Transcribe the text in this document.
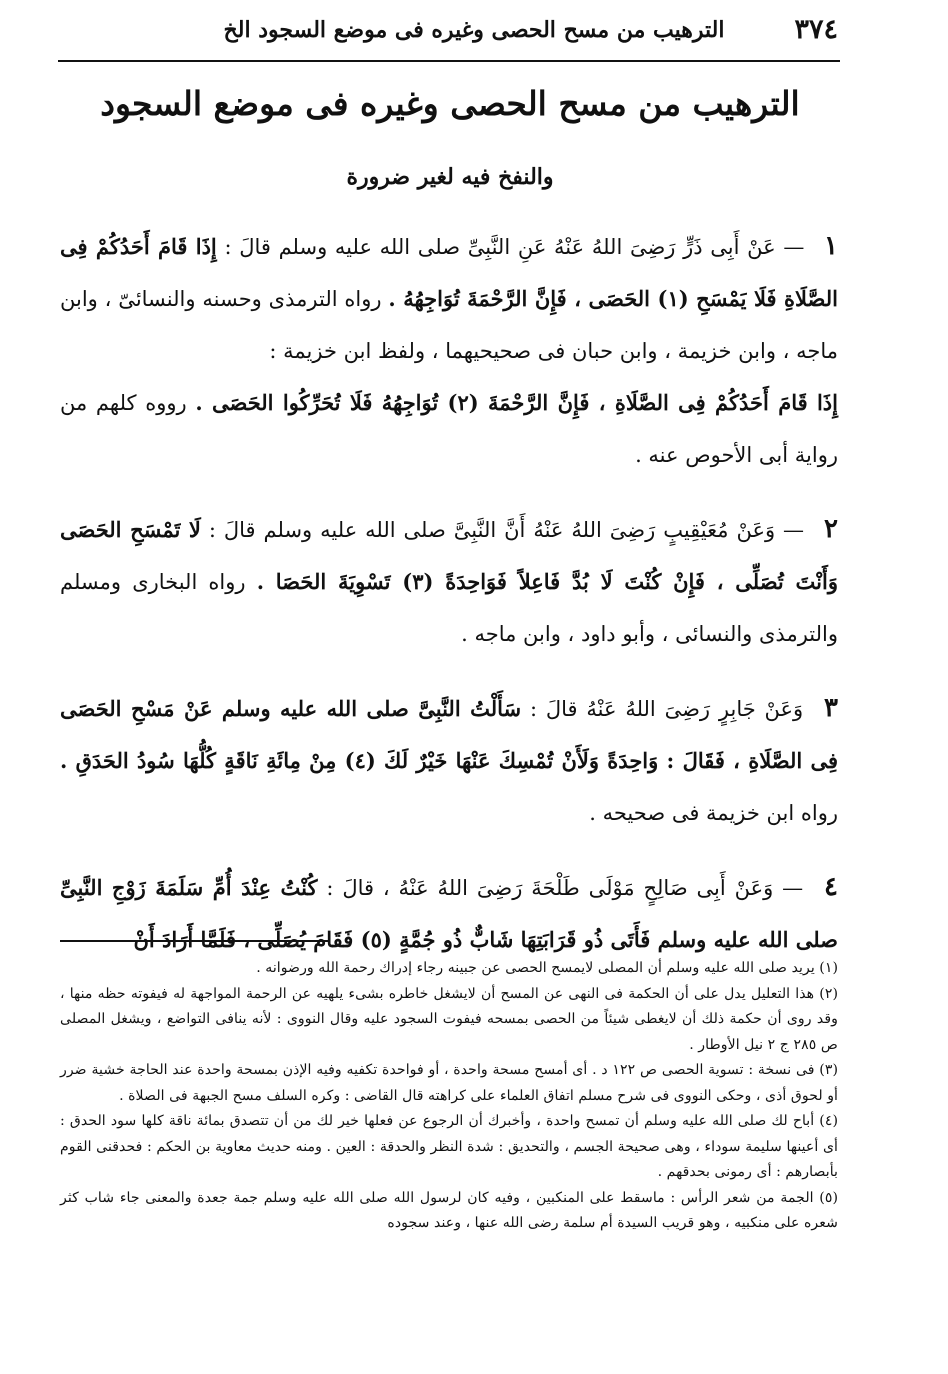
٣٧٤
الترهيب من مسح الحصى وغيره فى موضع السجود الخ
الترهيب من مسح الحصى وغيره فى موضع السجود
والنفخ فيه لغير ضرورة

١ — عَنْ أَبِى ذَرٍّ رَضِىَ اللهُ عَنْهُ عَنِ النَّبِىِّ صلى الله عليه وسلم قالَ : إِذَا قَامَ أَحَدُكُمْ فِى الصَّلَاةِ فَلَا يَمْسَحِ (١) الحَصَى ، فَإِنَّ الرَّحْمَةَ تُوَاجِهُهُ . رواه الترمذى وحسنه والنسائىّ ، وابن ماجه ، وابن خزيمة ، وابن حبان فى صحيحيهما ، ولفظ ابن خزيمة :
إِذَا قَامَ أَحَدُكُمْ فِى الصَّلَاةِ ، فَإِنَّ الرَّحْمَةَ (٢) تُوَاجِهُهُ فَلَا تُحَرِّكُوا الحَصَى . رووه كلهم من رواية أبى الأحوص عنه .

٢ — وَعَنْ مُعَيْقِيبٍ رَضِىَ اللهُ عَنْهُ أَنَّ النَّبِىَّ صلى الله عليه وسلم قالَ : لَا تَمْسَحِ الحَصَى وَأَنْتَ تُصَلِّى ، فَإِنْ كُنْتَ لَا بُدَّ فَاعِلاً فَوَاحِدَةً (٣) تَسْوِيَةَ الحَصَا . رواه البخارى ومسلم والترمذى والنسائى ، وأبو داود ، وابن ماجه .

٣ وَعَنْ جَابِرٍ رَضِىَ اللهُ عَنْهُ قالَ : سَأَلْتُ النَّبِىَّ صلى الله عليه وسلم عَنْ مَسْحِ الحَصَى فِى الصَّلَاةِ ، فَقَالَ : وَاحِدَةً وَلَأَنْ تُمْسِكَ عَنْهَا خَيْرٌ لَكَ (٤) مِنْ مِائَةِ نَاقَةٍ كُلُّهَا سُودُ الحَدَقِ . رواه ابن خزيمة فى صحيحه .

٤ — وَعَنْ أَبِى صَالِحٍ مَوْلَى طَلْحَةَ رَضِىَ اللهُ عَنْهُ ، قالَ : كُنْتُ عِنْدَ أُمِّ سَلَمَةَ زَوْجِ النَّبِىِّ صلى الله عليه وسلم فَأَتَى ذُو قَرَابَتِهَا شَابٌّ ذُو جُمَّةٍ (٥) فَقَامَ يُصَلِّى ، فَلَمَّا أَرَادَ أَنْ

(١) يريد صلى الله عليه وسلم أن المصلى لايمسح الحصى عن جبينه رجاء إدراك رحمة الله ورضوانه .

(٢) هذا التعليل يدل على أن الحكمة فى النهى عن المسح أن لايشغل خاطره بشىء يلهيه عن الرحمة المواجهة له فيفوته حظه منها ، وقد روى أن حكمة ذلك أن لايغطى شيئاً من الحصى بمسحه فيفوت السجود عليه وقال النووى : لأنه ينافى التواضع ، ويشغل المصلى ص ٢٨٥ ج ٢ نيل الأوطار .

(٣) فى نسخة : تسوية الحصى ص ١٢٢ د . أى أمسح مسحة واحدة ، أو فواحدة تكفيه وفيه الإذن بمسحة واحدة عند الحاجة خشية ضرر أو لحوق أذى ، وحكى النووى فى شرح مسلم اتفاق العلماء على كراهته قال القاضى : وكره السلف مسح الجبهة فى الصلاة .

(٤) أباح لك صلى الله عليه وسلم أن تمسح واحدة ، وأخبرك أن الرجوع عن فعلها خير لك من أن تتصدق بمائة ناقة كلها سود الحدق : أى أعينها سليمة سوداء ، وهى صحيحة الجسم ، والتحديق : شدة النظر والحدقة : العين . ومنه حديث معاوية بن الحكم : فحدقنى القوم بأبصارهم : أى رمونى بحدقهم .

(٥) الجمة من شعر الرأس : ماسقط على المنكبين ، وفيه كان لرسول الله صلى الله عليه وسلم جمة جعدة والمعنى جاء شاب كثر شعره على منكبيه ، وهو قريب السيدة أم سلمة رضى الله عنها ، وعند سجوده
